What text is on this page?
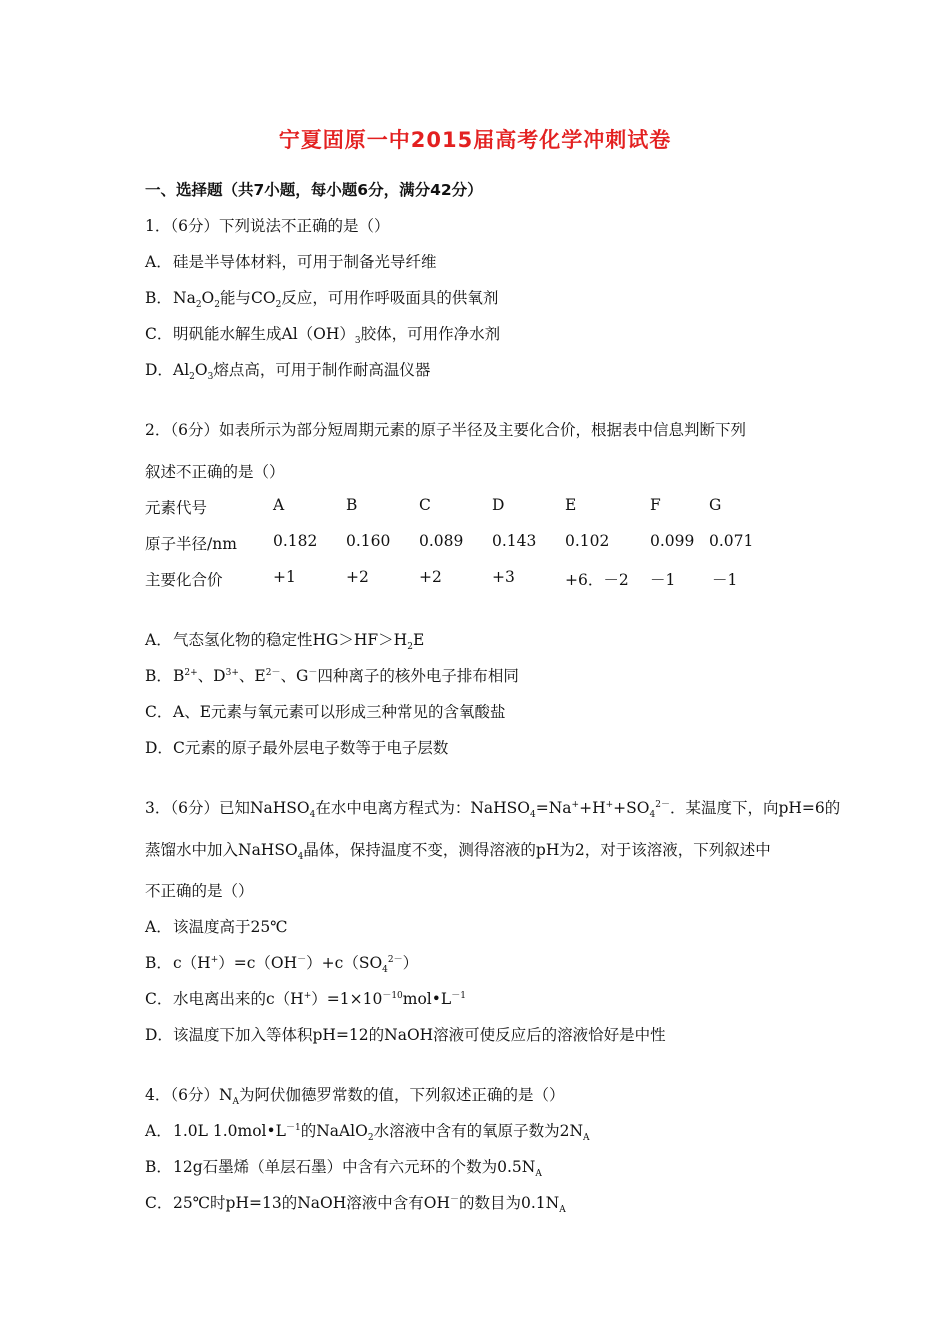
宁夏固原一中2015届高考化学冲刺试卷
一、选择题（共7小题，每小题6分，满分42分）
1．（6分）下列说法不正确的是（）
A．硅是半导体材料，可用于制备光导纤维
B．$Na_2O_2$能与$CO_2$反应，可用作呼吸面具的供氧剂
C．明矾能水解生成$Al(OH)_3$胶体，可用作净水剂
D．$Al_2O_3$熔点高，可用于制作耐高温仪器
2．（6分）如表所示为部分短周期元素的原子半径及主要化合价，根据表中信息判断下列
叙述不正确的是（）
元素代号	A	B	C	D	E	F	G
原子半径/nm 0.182 0.160 0.089 0.143 0.102	0.099 0.071
主要化合价	+1	+2	+2	+3	+6．－2 －1 －1
A．气态氢化物的稳定性$HG>HF>H_2E$
B．$B^{2+}$、$D^{3+}$、$E^{2-}$、G－四种离子的核外电子排布相同
C．A、E元素与氧元素可以形成三种常见的含氧酸盐
D．C元素的原子最外层电子数等于电子层数
3．（6分）已知NaHSO$_4$在水中电离方程式为：$NaHSO_4=Na^++H^++SO_4^{2-}$．某温度下，向pH=6的
蒸馏水中加入NaHSO$_4$晶体，保持温度不变，测得溶液的pH为2，对于该溶液，下列叙述中
不正确的是（）
A．该温度高于25℃
B．$c(H^+)=c(OH^-)+c(SO_4^{2-})$
C．水电离出来的$c(H^+)=1\times 10^{-10}mol•L^{-1}$
D．该温度下加入等体积pH=12的NaOH溶液可使反应后的溶液恰好是中性
4．（6分）$N_A$为阿伏伽德罗常数的值，下列叙述正确的是（）
A．1.0L $1.0mol•L^{-1}$的NaAlO$_2$水溶液中含有的氧原子数为$2N_A$
B．12g石墨烯（单层石墨）中含有六元环的个数为$0.5N_A$
C．25℃时pH=13的NaOH溶液中含有OH－的数目为$0.1N_A$
